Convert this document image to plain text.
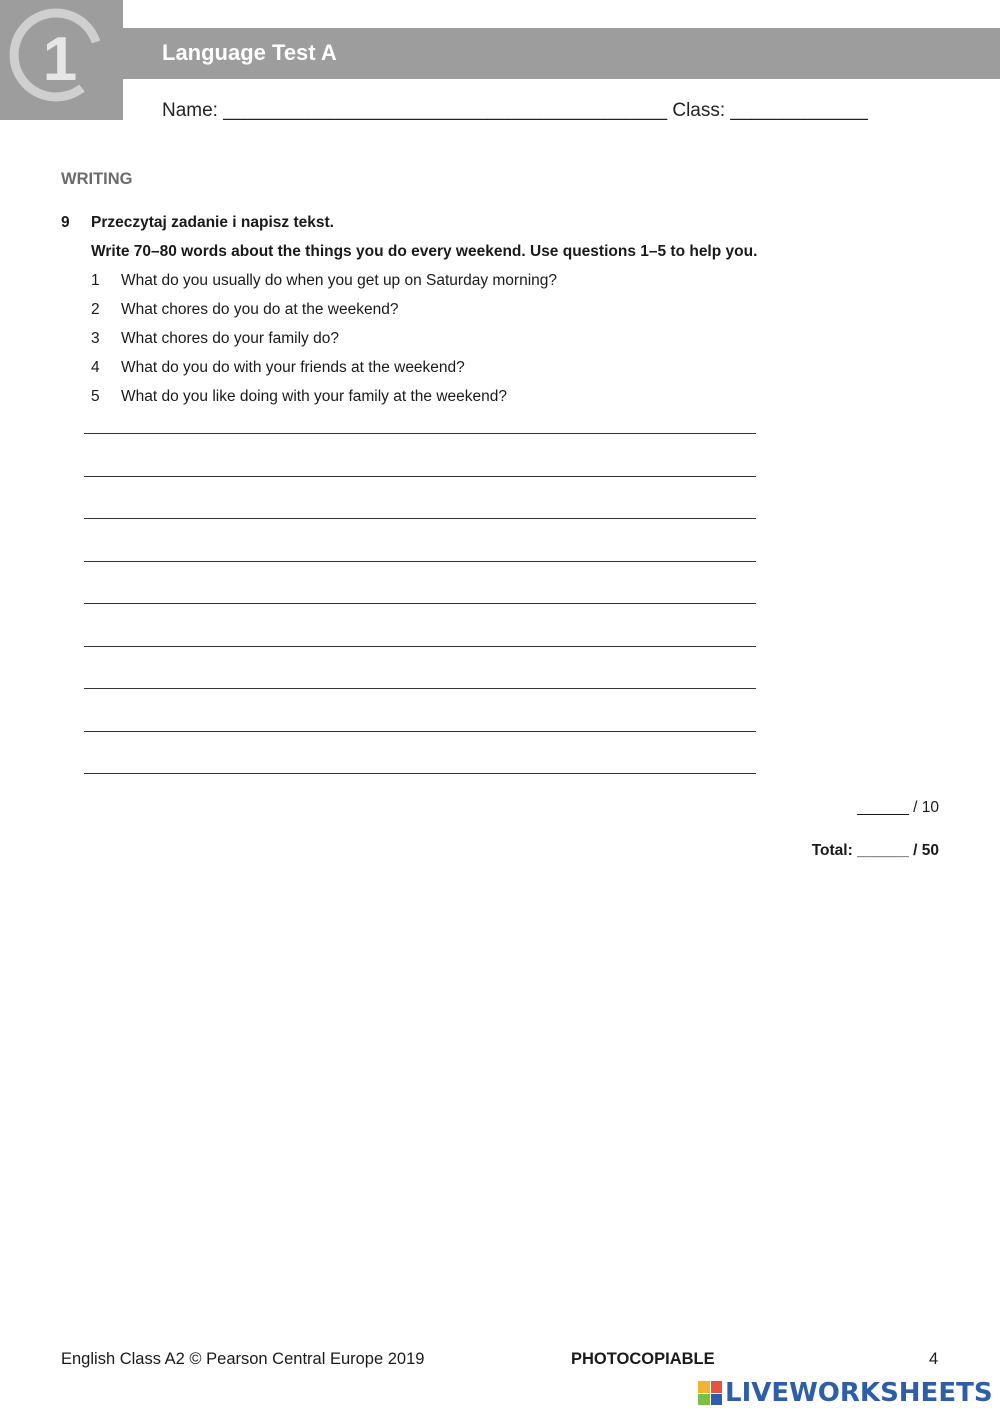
1	Language Test A
Name: __________________________________________ Class: _____________
WRITING
9 Przeczytaj zadanie i napisz tekst.
Write 70–80 words about the things you do every weekend. Use questions 1–5 to help you.
1	What do you usually do when you get up on Saturday morning?
2	What chores do you do at the weekend?
3	What chores do your family do?
4	What do you do with your friends at the weekend?
5	What do you like doing with your family at the weekend?
______ / 10
Total: ______ / 50
English Class A2 © Pearson Central Europe 2019	PHOTOCOPIABLE	4
LIVEWORKSHEETS
